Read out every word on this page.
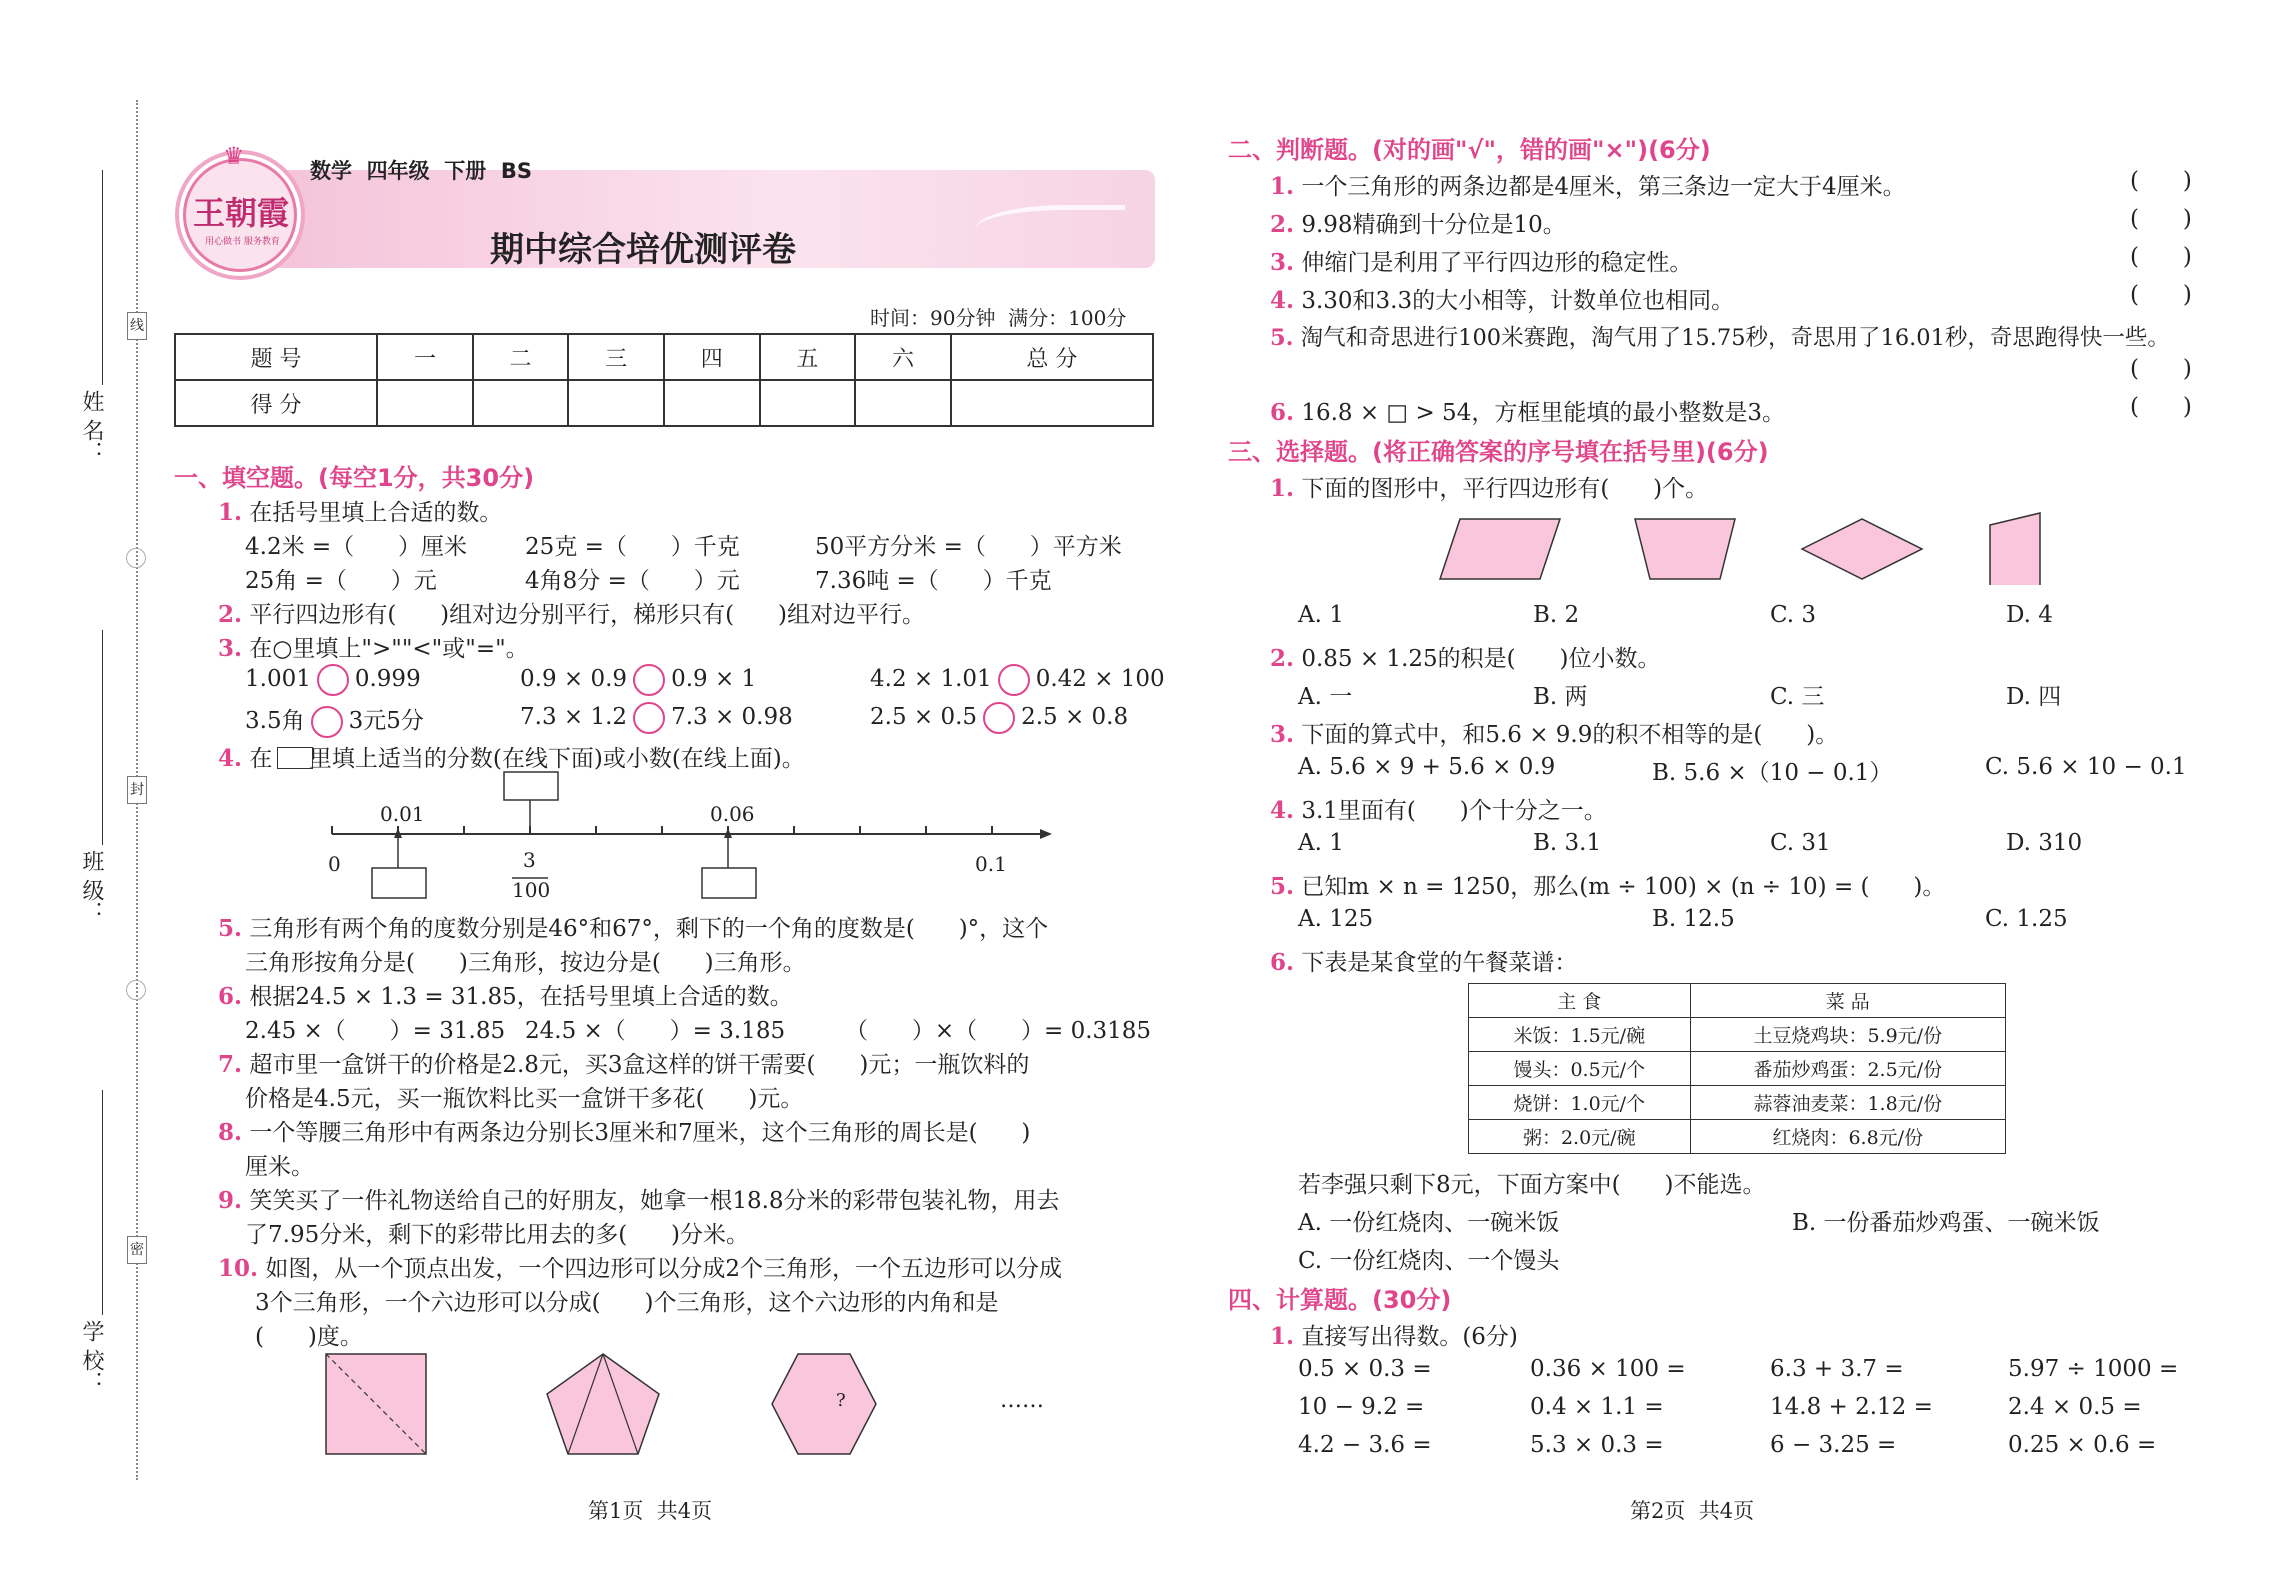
线
封
密
姓 名：
班 级：
学 校：
♛
王朝霞
用心做书 服务教育
数学  四年级  下册  BS
期中综合培优测评卷
时间：90分钟  满分：100分
题 号	一	二	三	四	五	六	总 分
得 分							
一、填空题。(每空1分，共30分)
1. 在括号里填上合适的数。
4.2米 =（      ）厘米	25克 =（      ）千克	50平方分米 =（      ）平方米
25角 =（      ）元	4角8分 =（      ）元	7.36吨 =（      ）千克
2. 平行四边形有(      )组对边分别平行，梯形只有(      )组对边平行。
3. 在○里填上">""<"或"="。
1.001 0.999	0.9 × 0.9 0.9 × 1	4.2 × 1.01 0.42 × 100
3.5角 3元5分	7.3 × 1.2 7.3 × 0.98	2.5 × 0.5 2.5 × 0.8
4. 在     里填上适当的分数(在线下面)或小数(在线上面)。
0.01	0.06
0	0.1
3
100
5. 三角形有两个角的度数分别是46°和67°，剩下的一个角的度数是(      )°，这个
三角形按角分是(      )三角形，按边分是(      )三角形。
6. 根据24.5 × 1.3 = 31.85，在括号里填上合适的数。
2.45 ×（      ）= 31.85 24.5 ×（      ）= 3.185	（      ）×（      ）= 0.3185
7. 超市里一盒饼干的价格是2.8元，买3盒这样的饼干需要(      )元；一瓶饮料的
价格是4.5元，买一瓶饮料比买一盒饼干多花(      )元。
8. 一个等腰三角形中有两条边分别长3厘米和7厘米，这个三角形的周长是(      )
厘米。
9. 笑笑买了一件礼物送给自己的好朋友，她拿一根18.8分米的彩带包装礼物，用去
了7.95分米，剩下的彩带比用去的多(      )分米。
10. 如图，从一个顶点出发，一个四边形可以分成2个三角形，一个五边形可以分成
3个三角形，一个六边形可以分成(      )个三角形，这个六边形的内角和是
(      )度。
?	……
第1页  共4页
二、判断题。(对的画"√"，错的画"×")(6分)
1. 一个三角形的两条边都是4厘米，第三条边一定大于4厘米。	(      )
2. 9.98精确到十分位是10。	(      )
3. 伸缩门是利用了平行四边形的稳定性。	(      )
4. 3.30和3.3的大小相等，计数单位也相同。	(      )
5. 淘气和奇思进行100米赛跑，淘气用了15.75秒，奇思用了16.01秒，奇思跑得快一些。
(      )
6. 16.8 × □ > 54，方框里能填的最小整数是3。	(      )
三、选择题。(将正确答案的序号填在括号里)(6分)
1. 下面的图形中，平行四边形有(      )个。
A. 1	B. 2	C. 3	D. 4
2. 0.85 × 1.25的积是(      )位小数。
A. 一	B. 两	C. 三	D. 四
3. 下面的算式中，和5.6 × 9.9的积不相等的是(      )。
A. 5.6 × 9 + 5.6 × 0.9	B. 5.6 ×（10 − 0.1）	C. 5.6 × 10 − 0.1
4. 3.1里面有(      )个十分之一。
A. 1	B. 3.1	C. 31	D. 310
5. 已知m × n = 1250，那么(m ÷ 100) × (n ÷ 10) = (      )。
A. 125	B. 12.5	C. 1.25
6. 下表是某食堂的午餐菜谱：
主 食	菜 品
米饭：1.5元/碗	土豆烧鸡块：5.9元/份
馒头：0.5元/个	番茄炒鸡蛋：2.5元/份
烧饼：1.0元/个	蒜蓉油麦菜：1.8元/份
粥：2.0元/碗	红烧肉：6.8元/份
若李强只剩下8元，下面方案中(      )不能选。
A. 一份红烧肉、一碗米饭	B. 一份番茄炒鸡蛋、一碗米饭
C. 一份红烧肉、一个馒头
四、计算题。(30分)
1. 直接写出得数。(6分)
0.5 × 0.3 =	0.36 × 100 =	6.3 + 3.7 =	5.97 ÷ 1000 =
10 − 9.2 =	0.4 × 1.1 =	14.8 + 2.12 =	2.4 × 0.5 =
4.2 − 3.6 =	5.3 × 0.3 =	6 − 3.25 =	0.25 × 0.6 =
第2页  共4页
